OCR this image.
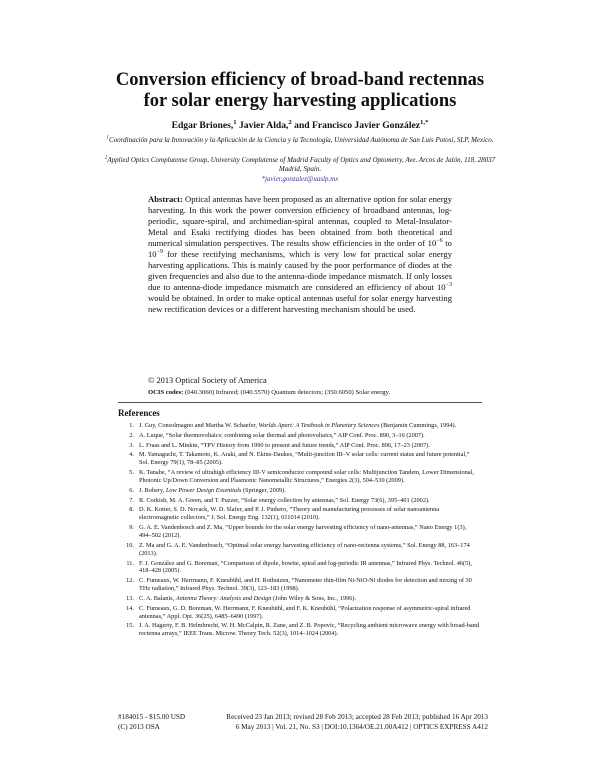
Conversion efficiency of broad-band rectennas
for solar energy harvesting applications
Edgar Briones,$^1$ Javier Alda,$^2$ and Francisco Javier González$^{1,*}$
$^1$Coordinación para la Innovación y la Aplicación de la Ciencia y la Tecnología, Universidad Autónoma de San Luis Potosí, SLP, Mexico.
$^2$Applied Optics Complutense Group, University Complutense of Madrid Faculty of Optics and Optometry, Ave. Arcos de Jalón, 118, 28037 Madrid, Spain.
*javier.gonzalez@uaslp.mx
Abstract: Optical antennas have been proposed as an alternative option for solar energy harvesting. In this work the power conversion efficiency of broadband antennas, log-periodic, square-spiral, and archimedian-spiral antennas, coupled to Metal-Insulator-Metal and Esaki rectifying diodes has been obtained from both theoretical and numerical simulation perspectives. The results show efficiencies in the order of $10^{-6}$ to $10^{-9}$ for these rectifying mechanisms, which is very low for practical solar energy harvesting applications. This is mainly caused by the poor performance of diodes at the given frequencies and also due to the antenna-diode impedance mismatch. If only losses due to antenna-diode impedance mismatch are considered an efficiency of about $10^{-3}$ would be obtained. In order to make optical antennas useful for solar energy harvesting new rectification devices or a different harvesting mechanism should be used.
© 2013 Optical Society of America
OCIS codes: (040.3060) Infrared; (040.5570) Quantum detectors; (350.6050) Solar energy.
References
1. J. Guy, Consolmagno and Martha W. Schaefer, Worlds Apart: A Textbook in Planetary Sciences (Benjamin Cummings, 1994).
2. A. Luque, “Solar thermovoltaics: combining solar thermal and photovoltaics,” AIP Conf. Proc. 890, 3–16 (2007).
3. L. Fraas and L. Minkin, “TPV History from 1990 to present and future trends,” AIP Conf. Proc. 890, 17–23 (2007).
4. M. Yamaguchi, T. Takamoto, K. Araki, and N. Ekins-Daukes, “Multi-junction III–V solar cells: current status and future potential,” Sol. Energy 79(1), 78–85 (2005).
5. K. Tanabe, “A review of ultrahigh efficiency III-V semiconductor compound solar cells: Multijunction Tandem, Lower Dimensional, Photonic Up/Down Conversion and Plasmonic Nanometallic Structures,” Energies 2(3), 504–530 (2009).
6. J. Robery, Low Power Design Essentials (Springer, 2009).
7. R. Corkish, M. A. Green, and T. Puzzer, “Solar energy collection by antennas,” Sol. Energy 73(6), 395–401 (2002).
8. D. K. Kotter, S. D. Novack, W. D. Slafer, and P. J. Pinhero, “Theory and manufacturing processes of solar nanoantenna electromagnetic collectors,” J. Sol. Energy Eng. 132(1), 011014 (2010).
9. G. A. E. Vandenbosch and Z. Ma, “Upper bounds for the solar energy harvesting efficiency of nano-antennas,” Nano Energy 1(3), 494–502 (2012).
10. Z. Ma and G. A. E. Vandenbosch, “Optimal solar energy harvesting efficiency of nano-rectenna systems,” Sol. Energy 88, 163–174 (2013).
11. F. J. González and G. Boreman, “Comparison of dipole, bowtie, spiral and log-periodic IR antennas,” Infrared Phys. Technol. 46(5), 418–428 (2005).
12. C. Fumeaux, W. Herrmann, F. Kneubühl, and H. Rothuizen, “Nanometer thin-film Ni-NiO-Ni diodes for detection and mixing of 30 THz radiation,” Infrared Phys. Technol. 39(3), 123–183 (1998).
13. C. A. Balanis, Antenna Theory: Analysis and Design (John Wiley & Sons, Inc., 1996).
14. C. Fumeaux, G. D. Boreman, W. Herrmann, F. Kneubühl, and F. K. Kneubühl, “Polarization response of asymmetric-spiral infrared antennas,” Appl. Opt. 36(25), 6485–6490 (1997).
15. J. A. Hagerty, F. B. Helmbrecht, W. H. McCalpin, R. Zane, and Z. B. Popovic, “Recycling ambient microwave energy with broad-band rectenna arrays,” IEEE Trans. Microw. Theory Tech. 52(3), 1014–1024 (2004).
#184015 - $15.00 USD	Received 23 Jan 2013; revised 28 Feb 2013; accepted 28 Feb 2013; published 16 Apr 2013
(C) 2013 OSA	6 May 2013 | Vol. 21, No. S3 | DOI:10.1364/OE.21.00A412 | OPTICS EXPRESS A412
